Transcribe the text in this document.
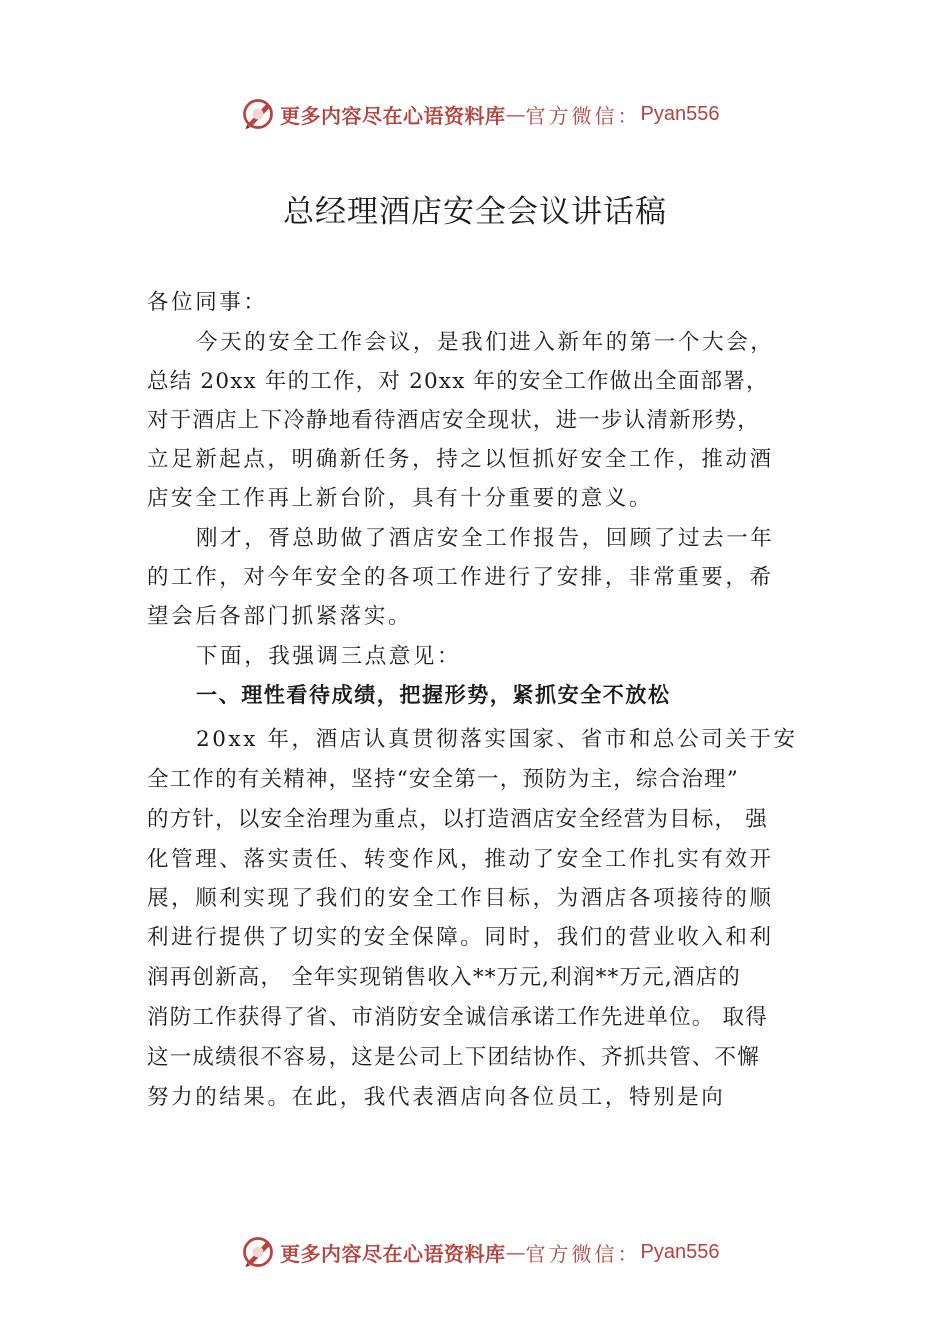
更多内容尽在心语资料库 — 官方微信： Pyan556
总经理酒店安全会议讲话稿
各位同事：
今天的安全工作会议，是我们进入新年的第一个大会，
总结 20xx 年的工作，对 20xx 年的安全工作做出全面部署，
对于酒店上下冷静地看待酒店安全现状，进一步认清新形势，
立足新起点，明确新任务，持之以恒抓好安全工作，推动酒
店安全工作再上新台阶，具有十分重要的意义。
刚才，胥总助做了酒店安全工作报告，回顾了过去一年
的工作，对今年安全的各项工作进行了安排，非常重要，希
望会后各部门抓紧落实。
下面，我强调三点意见：
一、理性看待成绩，把握形势，紧抓安全不放松
20xx 年，酒店认真贯彻落实国家、省市和总公司关于安
全工作的有关精神，坚持“安全第一，预防为主，综合治理”
的方针，以安全治理为重点，以打造酒店安全经营为目标， 强
化管理、落实责任、转变作风，推动了安全工作扎实有效开
展，顺利实现了我们的安全工作目标，为酒店各项接待的顺
利进行提供了切实的安全保障。同时，我们的营业收入和利
润再创新高， 全年实现销售收入**万元,利润**万元,酒店的
消防工作获得了省、市消防安全诚信承诺工作先进单位。 取得
这一成绩很不容易，这是公司上下团结协作、齐抓共管、不懈
努力的结果。在此，我代表酒店向各位员工，特别是向
更多内容尽在心语资料库 — 官方微信： Pyan556
